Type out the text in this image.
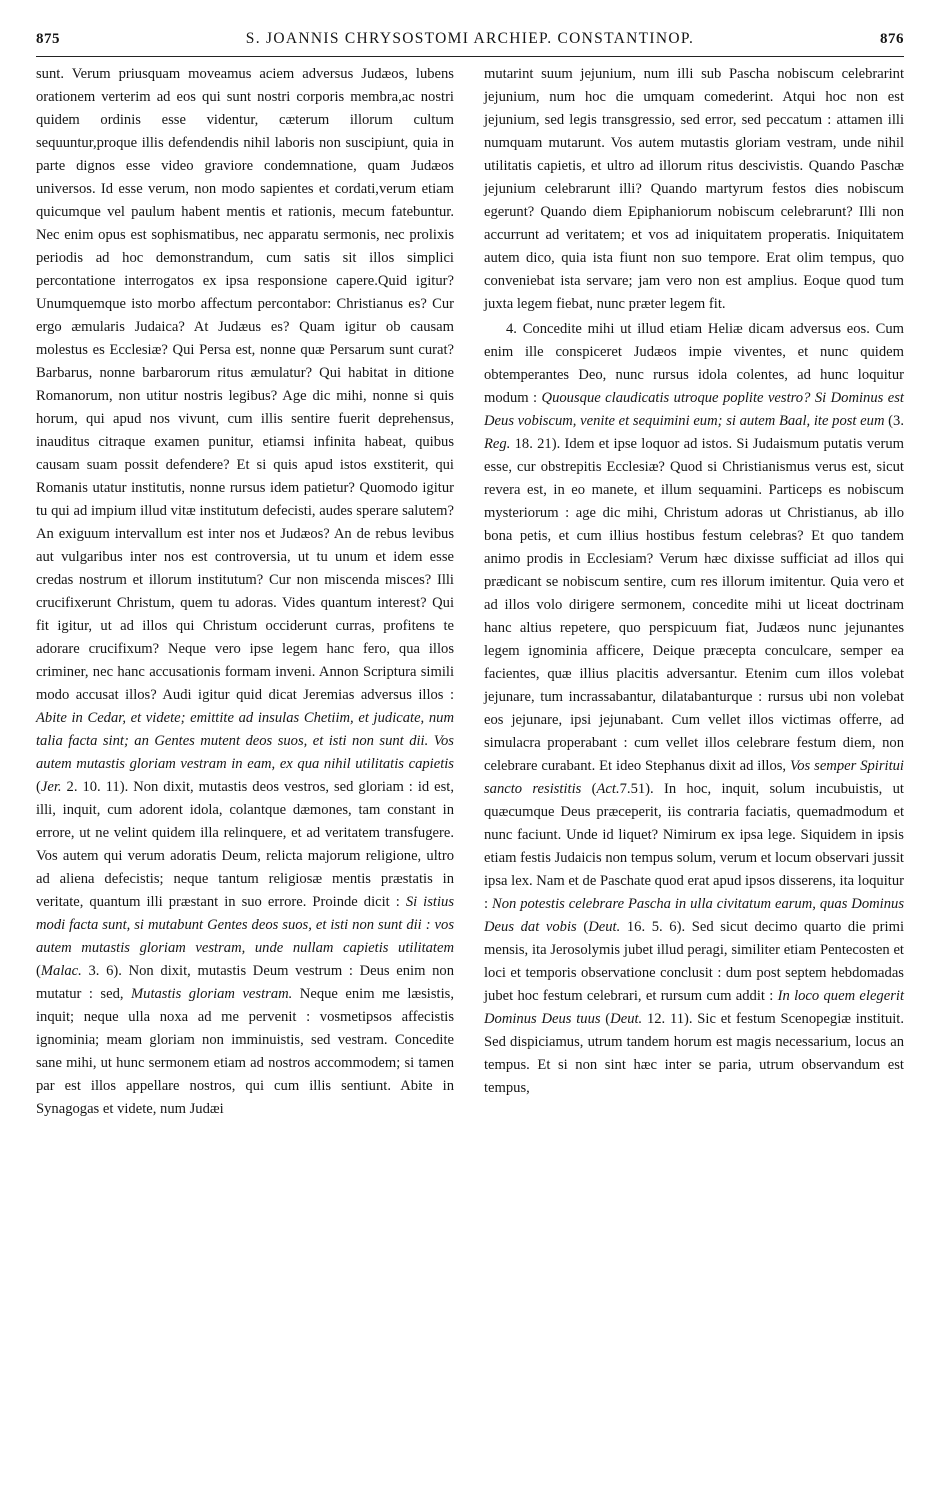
875	S. JOANNIS CHRYSOSTOMI ARCHIEP. CONSTANTINOP.	876

sunt. Verum priusquam moveamus aciem adversus Judæos, lubens orationem verterim ad eos qui sunt nostri corporis membra,ac nostri quidem ordinis esse videntur, cæterum illorum cultum sequuntur,proque illis defendendis nihil laboris non suscipiunt, quia in parte dignos esse video graviore condemnatione, quam Judæos universos. Id esse verum, non modo sapientes et cordati,verum etiam quicumque vel paulum habent mentis et rationis, mecum fatebuntur. Nec enim opus est sophismatibus, nec apparatu sermonis, nec prolixis periodis ad hoc demonstrandum, cum satis sit illos simplici percontatione interrogatos ex ipsa responsione capere.Quid igitur? Unumquemque isto morbo affectum percontabor: Christianus es? Cur ergo æmularis Judaica? At Judæus es? Quam igitur ob causam molestus es Ecclesiæ? Qui Persa est, nonne quæ Persarum sunt curat? Barbarus, nonne barbarorum ritus æmulatur? Qui habitat in ditione Romanorum, non utitur nostris legibus? Age dic mihi, nonne si quis horum, qui apud nos vivunt, cum illis sentire fuerit deprehensus, inauditus citraque examen punitur, etiamsi infinita habeat, quibus causam suam possit defendere? Et si quis apud istos exstiterit, qui Romanis utatur institutis, nonne rursus idem patietur? Quomodo igitur tu qui ad impium illud vitæ institutum defecisti, audes sperare salutem? An exiguum intervallum est inter nos et Judæos? An de rebus levibus aut vulgaribus inter nos est controversia, ut tu unum et idem esse credas nostrum et illorum institutum? Cur non miscenda misces? Illi crucifixerunt Christum, quem tu adoras. Vides quantum interest? Qui fit igitur, ut ad illos qui Christum occiderunt curras, profitens te adorare crucifixum? Neque vero ipse legem hanc fero, qua illos criminer, nec hanc accusationis formam inveni. Annon Scriptura simili modo accusat illos? Audi igitur quid dicat Jeremias adversus illos : Abite in Cedar, et videte; emittite ad insulas Chetiim, et judicate, num talia facta sint; an Gentes mutent deos suos, et isti non sunt dii. Vos autem mutastis gloriam vestram in eam, ex qua nihil utilitatis capietis (Jer. 2. 10. 11). Non dixit, mutastis deos vestros, sed gloriam : id est, illi, inquit, cum adorent idola, colantque dæmones, tam constant in errore, ut ne velint quidem illa relinquere, et ad veritatem transfugere. Vos autem qui verum adoratis Deum, relicta majorum religione, ultro ad aliena defecistis; neque tantum religiosæ mentis præstatis in veritate, quantum illi præstant in suo errore. Proinde dicit : Si istius modi facta sunt, si mutabunt Gentes deos suos, et isti non sunt dii : vos autem mutastis gloriam vestram, unde nullam capietis utilitatem (Malac. 3. 6). Non dixit, mutastis Deum vestrum : Deus enim non mutatur : sed, Mutastis gloriam vestram. Neque enim me læsistis, inquit; neque ulla noxa ad me pervenit : vosmetipsos affecistis ignominia; meam gloriam non imminuistis, sed vestram. Concedite sane mihi, ut hunc sermonem etiam ad nostros accommodem; si tamen par est illos appellare nostros, qui cum illis sentiunt. Abite in Synagogas et videte, num Judæi

mutarint suum jejunium, num illi sub Pascha nobiscum celebrarint jejunium, num hoc die umquam comederint. Atqui hoc non est jejunium, sed legis transgressio, sed error, sed peccatum : attamen illi numquam mutarunt. Vos autem mutastis gloriam vestram, unde nihil utilitatis capietis, et ultro ad illorum ritus descivistis. Quando Paschæ jejunium celebrarunt illi? Quando martyrum festos dies nobiscum egerunt? Quando diem Epiphaniorum nobiscum celebrarunt? Illi non accurrunt ad veritatem; et vos ad iniquitatem properatis. Iniquitatem autem dico, quia ista fiunt non suo tempore. Erat olim tempus, quo conveniebat ista servare; jam vero non est amplius. Eoque quod tum juxta legem fiebat, nunc præter legem fit.

4. Concedite mihi ut illud etiam Heliæ dicam adversus eos. Cum enim ille conspiceret Judæos impie viventes, et nunc quidem obtemperantes Deo, nunc rursus idola colentes, ad hunc loquitur modum : Quousque claudicatis utroque poplite vestro? Si Dominus est Deus vobiscum, venite et sequimini eum; si autem Baal, ite post eum (3. Reg. 18. 21). Idem et ipse loquor ad istos. Si Judaismum putatis verum esse, cur obstrepitis Ecclesiæ? Quod si Christianismus verus est, sicut revera est, in eo manete, et illum sequamini. Particeps es nobiscum mysteriorum : age dic mihi, Christum adoras ut Christianus, ab illo bona petis, et cum illius hostibus festum celebras? Et quo tandem animo prodis in Ecclesiam? Verum hæc dixisse sufficiat ad illos qui prædicant se nobiscum sentire, cum res illorum imitentur. Quia vero et ad illos volo dirigere sermonem, concedite mihi ut liceat doctrinam hanc altius repetere, quo perspicuum fiat, Judæos nunc jejunantes legem ignominia afficere, Deique præcepta conculcare, semper ea facientes, quæ illius placitis adversantur. Etenim cum illos volebat jejunare, tum incrassabantur, dilatabanturque : rursus ubi non volebat eos jejunare, ipsi jejunabant. Cum vellet illos victimas offerre, ad simulacra properabant : cum vellet illos celebrare festum diem, non celebrare curabant. Et ideo Stephanus dixit ad illos, Vos semper Spiritui sancto resistitis (Act.7.51). In hoc, inquit, solum incubuistis, ut quæcumque Deus præceperit, iis contraria faciatis, quemadmodum et nunc faciunt. Unde id liquet? Nimirum ex ipsa lege. Siquidem in ipsis etiam festis Judaicis non tempus solum, verum et locum observari jussit ipsa lex. Nam et de Paschate quod erat apud ipsos disserens, ita loquitur : Non potestis celebrare Pascha in ulla civitatum earum, quas Dominus Deus dat vobis (Deut. 16. 5. 6). Sed sicut decimo quarto die primi mensis, ita Jerosolymis jubet illud peragi, similiter etiam Pentecosten et loci et temporis observatione conclusit : dum post septem hebdomadas jubet hoc festum celebrari, et rursum cum addit : In loco quem elegerit Dominus Deus tuus (Deut. 12. 11). Sic et festum Scenopegiæ instituit. Sed dispiciamus, utrum tandem horum est magis necessarium, locus an tempus. Et si non sint hæc inter se paria, utrum observandum est tempus,
